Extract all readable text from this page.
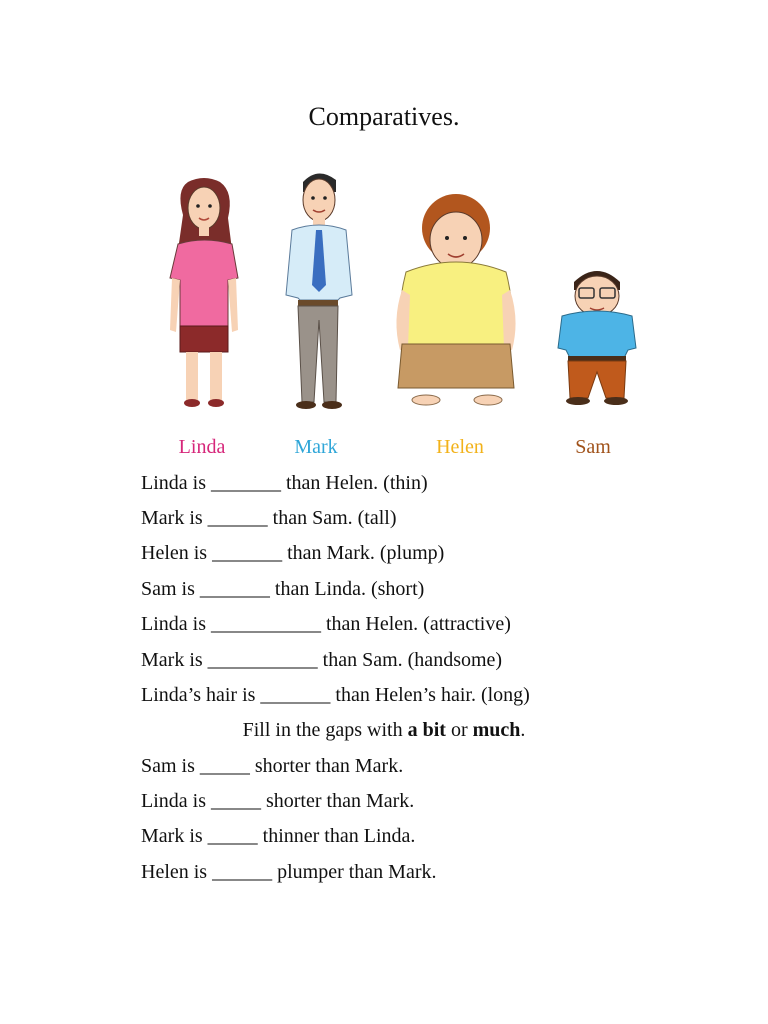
Comparatives.
Linda	Mark	Helen	Sam

Linda is _______ than Helen. (thin)

Mark is ______ than Sam. (tall)

Helen is _______ than Mark. (plump)

Sam is _______ than Linda. (short)

Linda is ___________ than Helen. (attractive)

Mark is ___________ than Sam. (handsome)

Linda’s hair is _______ than Helen’s hair. (long)

Fill in the gaps with a bit or much.

Sam is _____ shorter than Mark.

Linda is _____ shorter than Mark.

Mark is _____ thinner than Linda.

Helen is ______ plumper than Mark.
